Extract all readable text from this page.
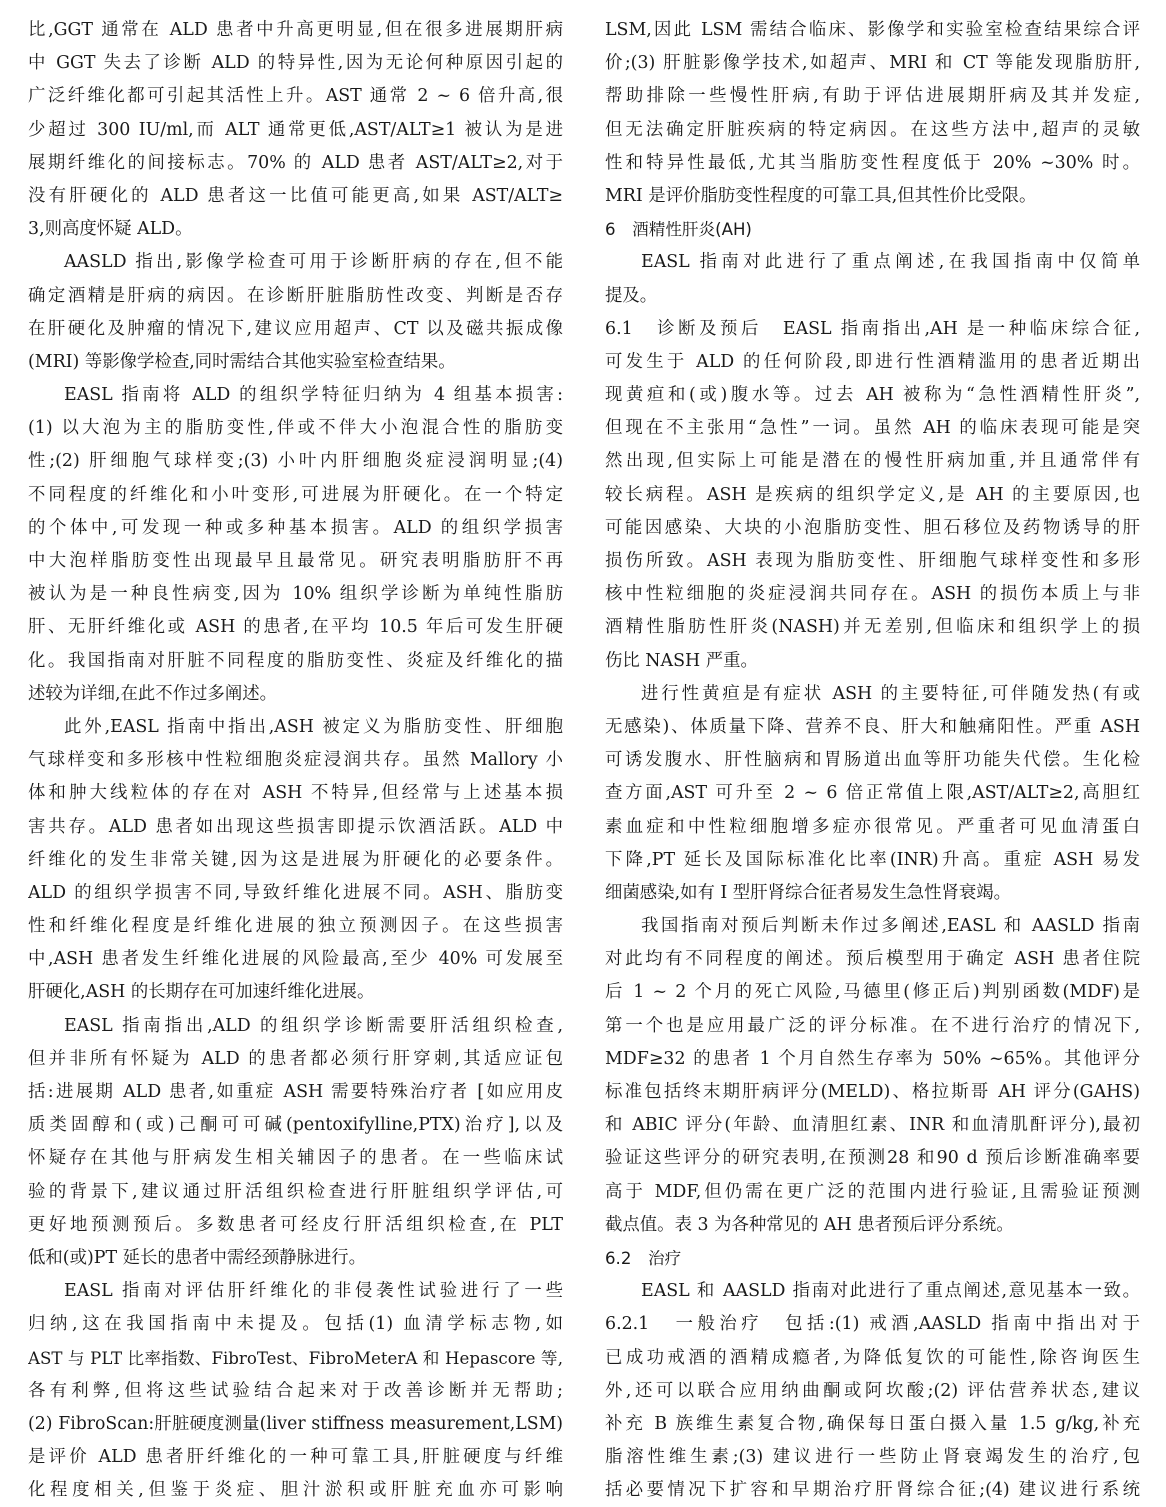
比,GGT 通常在 ALD 患者中升高更明显,但在很多进展期肝病
中 GGT 失去了诊断 ALD 的特异性,因为无论何种原因引起的
广泛纤维化都可引起其活性上升。AST 通常 2 ~ 6 倍升高,很
少超过 300 IU/ml,而 ALT 通常更低,AST/ALT≥1 被认为是进
展期纤维化的间接标志。70% 的 ALD 患者 AST/ALT≥2,对于
没有肝硬化的 ALD 患者这一比值可能更高,如果 AST/ALT≥
3,则高度怀疑 ALD。
AASLD 指出,影像学检查可用于诊断肝病的存在,但不能
确定酒精是肝病的病因。在诊断肝脏脂肪性改变、判断是否存
在肝硬化及肿瘤的情况下,建议应用超声、CT 以及磁共振成像
(MRI) 等影像学检查,同时需结合其他实验室检查结果。
EASL 指南将 ALD 的组织学特征归纳为 4 组基本损害:
(1) 以大泡为主的脂肪变性,伴或不伴大小泡混合性的脂肪变
性;(2) 肝细胞气球样变;(3) 小叶内肝细胞炎症浸润明显;(4)
不同程度的纤维化和小叶变形,可进展为肝硬化。在一个特定
的个体中,可发现一种或多种基本损害。ALD 的组织学损害
中大泡样脂肪变性出现最早且最常见。研究表明脂肪肝不再
被认为是一种良性病变,因为 10% 组织学诊断为单纯性脂肪
肝、无肝纤维化或 ASH 的患者,在平均 10.5 年后可发生肝硬
化。我国指南对肝脏不同程度的脂肪变性、炎症及纤维化的描
述较为详细,在此不作过多阐述。
此外,EASL 指南中指出,ASH 被定义为脂肪变性、肝细胞
气球样变和多形核中性粒细胞炎症浸润共存。虽然 Mallory 小
体和肿大线粒体的存在对 ASH 不特异,但经常与上述基本损
害共存。ALD 患者如出现这些损害即提示饮酒活跃。ALD 中
纤维化的发生非常关键,因为这是进展为肝硬化的必要条件。
ALD 的组织学损害不同,导致纤维化进展不同。ASH、脂肪变
性和纤维化程度是纤维化进展的独立预测因子。在这些损害
中,ASH 患者发生纤维化进展的风险最高,至少 40% 可发展至
肝硬化,ASH 的长期存在可加速纤维化进展。
EASL 指南指出,ALD 的组织学诊断需要肝活组织检查,
但并非所有怀疑为 ALD 的患者都必须行肝穿刺,其适应证包
括:进展期 ALD 患者,如重症 ASH 需要特殊治疗者 [如应用皮
质类固醇和(或)己酮可可碱(pentoxifylline,PTX)治疗],以及
怀疑存在其他与肝病发生相关辅因子的患者。在一些临床试
验的背景下,建议通过肝活组织检查进行肝脏组织学评估,可
更好地预测预后。多数患者可经皮行肝活组织检查,在 PLT
低和(或)PT 延长的患者中需经颈静脉进行。
EASL 指南对评估肝纤维化的非侵袭性试验进行了一些
归纳,这在我国指南中未提及。包括(1) 血清学标志物,如
AST 与 PLT 比率指数、FibroTest、FibroMeterA 和 Hepascore 等,
各有利弊,但将这些试验结合起来对于改善诊断并无帮助;
(2) FibroScan:肝脏硬度测量(liver stiffness measurement,LSM)
是评价 ALD 患者肝纤维化的一种可靠工具,肝脏硬度与纤维
化程度相关,但鉴于炎症、胆汁淤积或肝脏充血亦可影响
LSM,因此 LSM 需结合临床、影像学和实验室检查结果综合评
价;(3) 肝脏影像学技术,如超声、MRI 和 CT 等能发现脂肪肝,
帮助排除一些慢性肝病,有助于评估进展期肝病及其并发症,
但无法确定肝脏疾病的特定病因。在这些方法中,超声的灵敏
性和特异性最低,尤其当脂肪变性程度低于 20% ~30% 时。
MRI 是评价脂肪变性程度的可靠工具,但其性价比受限。
6　酒精性肝炎(AH)
EASL 指南对此进行了重点阐述,在我国指南中仅简单
提及。
6.1　诊断及预后　EASL 指南指出,AH 是一种临床综合征,
可发生于 ALD 的任何阶段,即进行性酒精滥用的患者近期出
现黄疸和(或)腹水等。过去 AH 被称为“急性酒精性肝炎”,
但现在不主张用“急性”一词。虽然 AH 的临床表现可能是突
然出现,但实际上可能是潜在的慢性肝病加重,并且通常伴有
较长病程。ASH 是疾病的组织学定义,是 AH 的主要原因,也
可能因感染、大块的小泡脂肪变性、胆石移位及药物诱导的肝
损伤所致。ASH 表现为脂肪变性、肝细胞气球样变性和多形
核中性粒细胞的炎症浸润共同存在。ASH 的损伤本质上与非
酒精性脂肪性肝炎(NASH)并无差别,但临床和组织学上的损
伤比 NASH 严重。
进行性黄疸是有症状 ASH 的主要特征,可伴随发热(有或
无感染)、体质量下降、营养不良、肝大和触痛阳性。严重 ASH
可诱发腹水、肝性脑病和胃肠道出血等肝功能失代偿。生化检
查方面,AST 可升至 2 ~ 6 倍正常值上限,AST/ALT≥2,高胆红
素血症和中性粒细胞增多症亦很常见。严重者可见血清蛋白
下降,PT 延长及国际标准化比率(INR)升高。重症 ASH 易发
细菌感染,如有 Ⅰ 型肝肾综合征者易发生急性肾衰竭。
我国指南对预后判断未作过多阐述,EASL 和 AASLD 指南
对此均有不同程度的阐述。预后模型用于确定 ASH 患者住院
后 1 ~ 2 个月的死亡风险,马德里(修正后)判别函数(MDF)是
第一个也是应用最广泛的评分标准。在不进行治疗的情况下,
MDF≥32 的患者 1 个月自然生存率为 50% ~65%。其他评分
标准包括终末期肝病评分(MELD)、格拉斯哥 AH 评分(GAHS)
和 ABIC 评分(年龄、血清胆红素、INR 和血清肌酐评分),最初
验证这些评分的研究表明,在预测28 和90 d 预后诊断准确率要
高于 MDF,但仍需在更广泛的范围内进行验证,且需验证预测
截点值。表 3 为各种常见的 AH 患者预后评分系统。
6.2　治疗
EASL 和 AASLD 指南对此进行了重点阐述,意见基本一致。
6.2.1　一般治疗　包括:(1) 戒酒,AASLD 指南中指出对于
已成功戒酒的酒精成瘾者,为降低复饮的可能性,除咨询医生
外,还可以联合应用纳曲酮或阿坎酸;(2) 评估营养状态,建议
补充 B 族维生素复合物,确保每日蛋白摄入量 1.5 g/kg,补充
脂溶性维生素;(3) 建议进行一些防止肾衰竭发生的治疗,包
括必要情况下扩容和早期治疗肝肾综合征;(4) 建议进行系统
